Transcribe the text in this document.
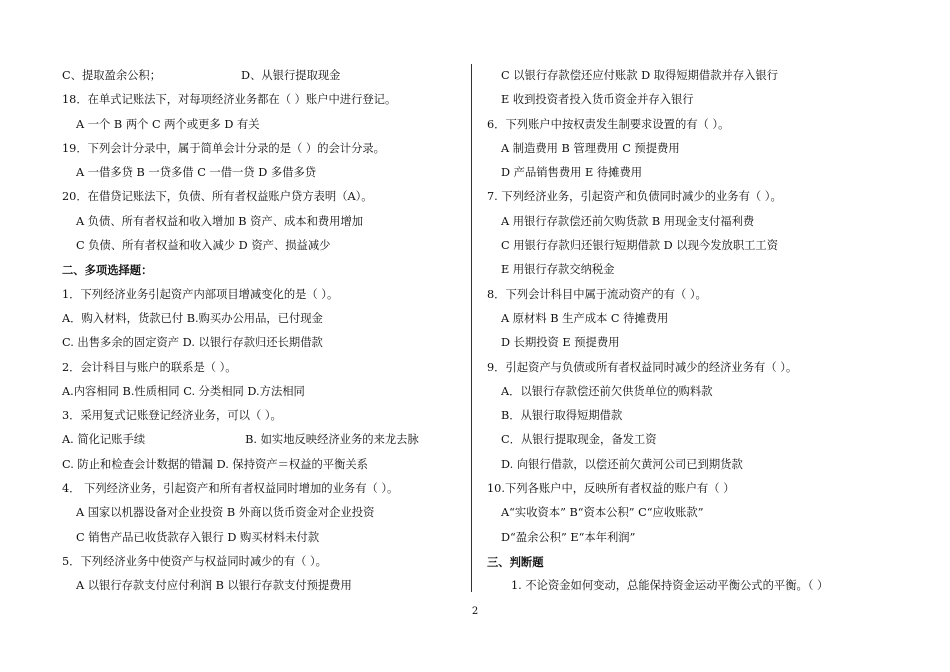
C、提取盈余公积；	D、从银行提取现金
18．在单式记账法下，对每项经济业务都在（ ）账户中进行登记。
A 一个 B 两个 C 两个或更多 D 有关
19．下列会计分录中，属于简单会计分录的是（ ）的会计分录。
A 一借多贷 B 一贷多借 C 一借一贷 D 多借多贷
20．在借贷记账法下，负债、所有者权益账户贷方表明（A）。
A 负债、所有者权益和收入增加 B 资产、成本和费用增加
C 负债、所有者权益和收入减少 D 资产、损益减少
二、多项选择题：
1．下列经济业务引起资产内部项目增减变化的是（ ）。
A．购入材料，货款已付 B.购买办公用品，已付现金
C. 出售多余的固定资产 D. 以银行存款归还长期借款
2．会计科目与账户的联系是（ ）。
A.内容相同 B.性质相同 C. 分类相同 D.方法相同
3．采用复式记账登记经济业务，可以（ ）。
A. 简化记账手续	B. 如实地反映经济业务的来龙去脉
C. 防止和检查会计数据的错漏 D. 保持资产＝权益的平衡关系
4． 下列经济业务，引起资产和所有者权益同时增加的业务有（ ）。
A 国家以机器设备对企业投资 B 外商以货币资金对企业投资
C 销售产品已收货款存入银行 D 购买材料未付款
5．下列经济业务中使资产与权益同时减少的有（ ）。
A 以银行存款支付应付利润 B 以银行存款支付预提费用
C 以银行存款偿还应付账款 D 取得短期借款并存入银行
E 收到投资者投入货币资金并存入银行
6．下列账户中按权责发生制要求设置的有（ ）。
A 制造费用 B 管理费用 C 预提费用
D 产品销售费用 E 待摊费用
7. 下列经济业务，引起资产和负债同时减少的业务有（ ）。
A 用银行存款偿还前欠购货款 B 用现金支付福利费
C 用银行存款归还银行短期借款 D 以现今发放职工工资
E 用银行存款交纳税金
8．下列会计科目中属于流动资产的有（ ）。
A 原材料 B 生产成本 C 待摊费用
D 长期投资 E 预提费用
9．引起资产与负债或所有者权益同时减少的经济业务有（ ）。
A．以银行存款偿还前欠供货单位的购料款
B．从银行取得短期借款
C．从银行提取现金，备发工资
D. 向银行借款，以偿还前欠黄河公司已到期货款
10.下列各账户中，反映所有者权益的账户有（ ）
A“实收资本” B“资本公积” C“应收账款”
D“盈余公积” E“本年利润”
三、判断题
1. 不论资金如何变动，总能保持资金运动平衡公式的平衡。（ ）
2
